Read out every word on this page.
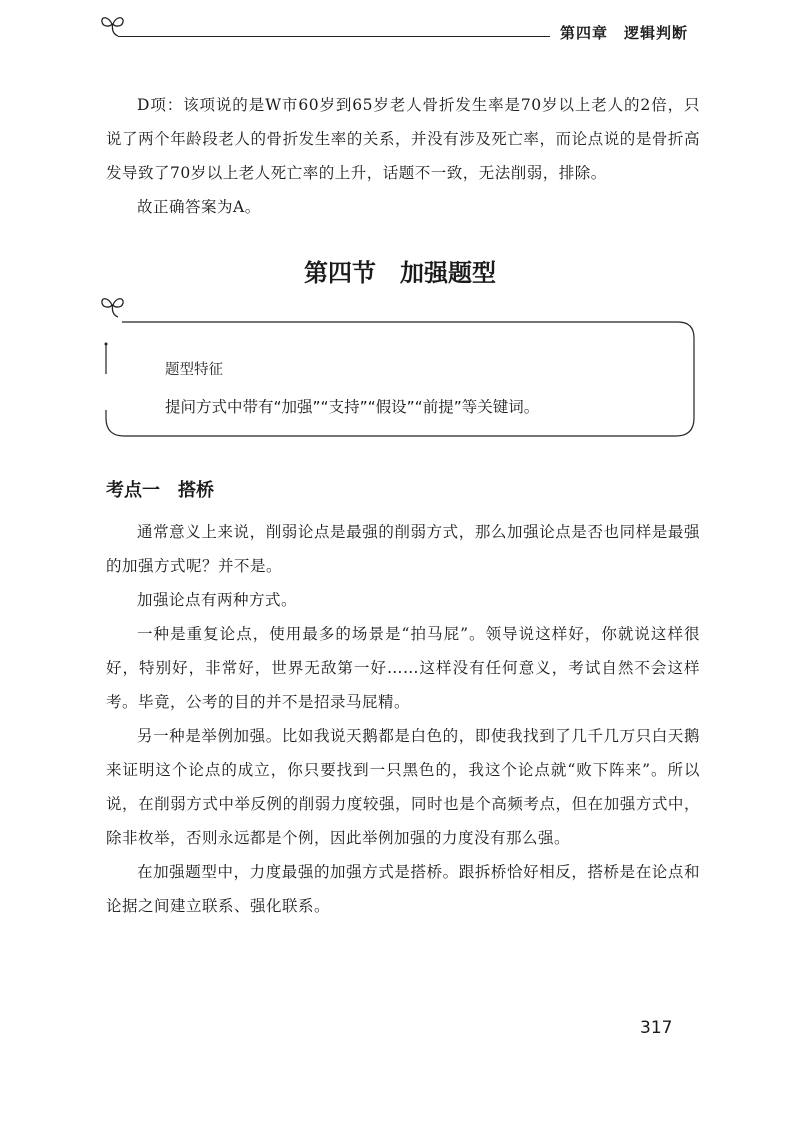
第四章 逻辑判断

D项：该项说的是W市60岁到65岁老人骨折发生率是70岁以上老人的2倍，只说了两个年龄段老人的骨折发生率的关系，并没有涉及死亡率，而论点说的是骨折高发导致了70岁以上老人死亡率的上升，话题不一致，无法削弱，排除。

故正确答案为A。

第四节　加强题型
题型特征
提问方式中带有“加强”“支持”“假设”“前提”等关键词。
考点一　搭桥

通常意义上来说，削弱论点是最强的削弱方式，那么加强论点是否也同样是最强的加强方式呢？并不是。

加强论点有两种方式。

一种是重复论点，使用最多的场景是“拍马屁”。领导说这样好，你就说这样很好，特别好，非常好，世界无敌第一好……这样没有任何意义，考试自然不会这样考。毕竟，公考的目的并不是招录马屁精。

另一种是举例加强。比如我说天鹅都是白色的，即使我找到了几千几万只白天鹅来证明这个论点的成立，你只要找到一只黑色的，我这个论点就“败下阵来”。所以说，在削弱方式中举反例的削弱力度较强，同时也是个高频考点，但在加强方式中，除非枚举，否则永远都是个例，因此举例加强的力度没有那么强。

在加强题型中，力度最强的加强方式是搭桥。跟拆桥恰好相反，搭桥是在论点和论据之间建立联系、强化联系。

317
